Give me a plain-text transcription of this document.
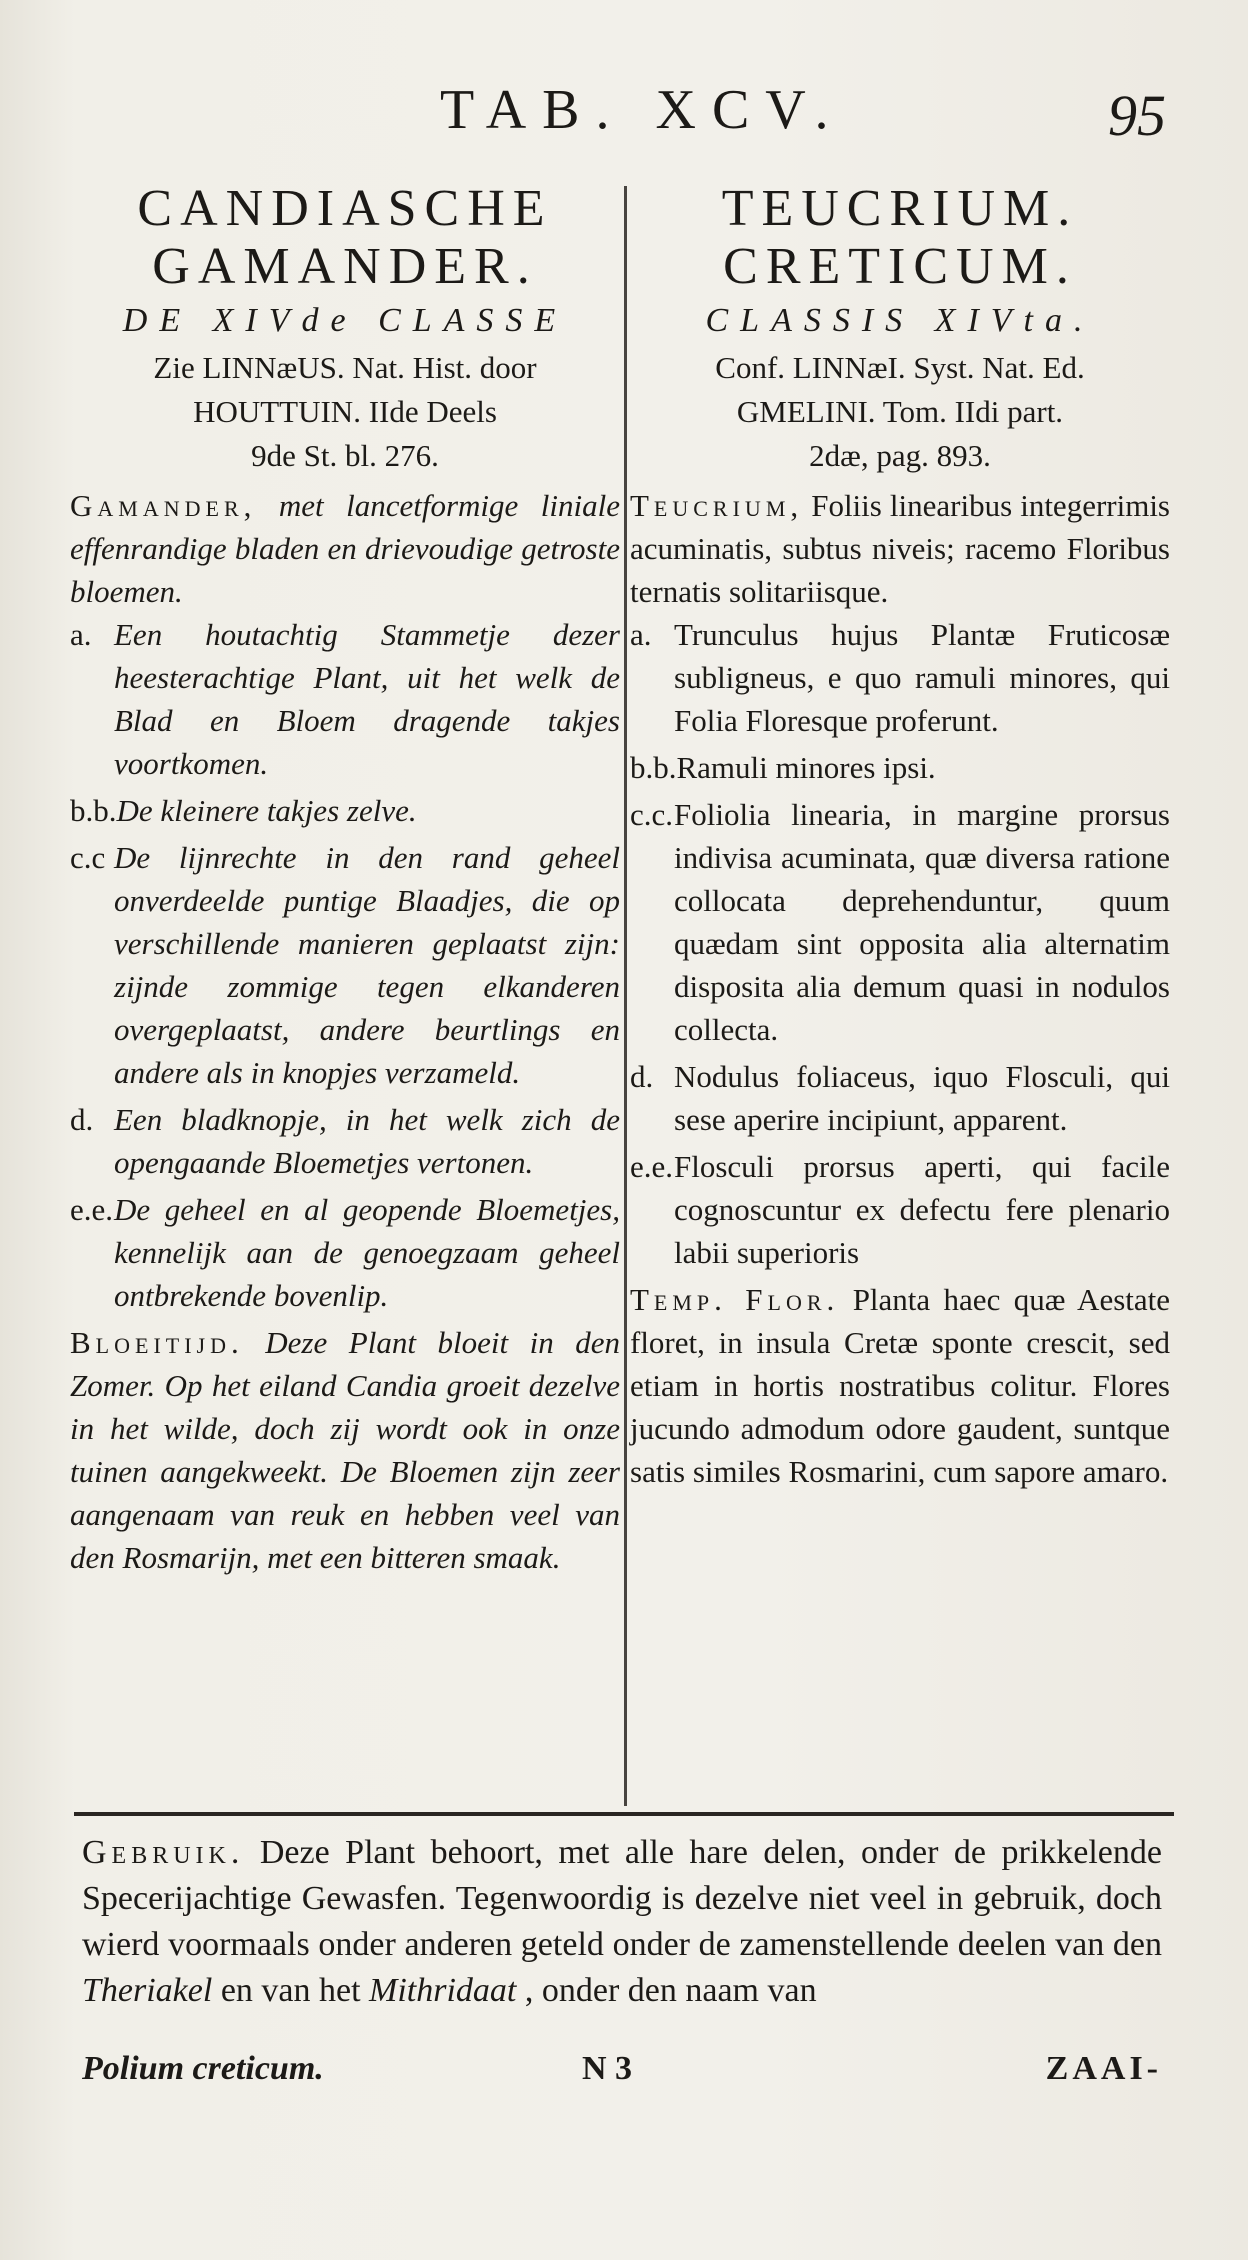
TAB. XCV.	95
CANDIASCHE
GAMANDER.
DE XIVde CLASSE
Zie LINNæUS. Nat. Hist. door
HOUTTUIN. IIde Deels
9de St. bl. 276.
Gamander, met lancetformige liniale effenrandige bladen en drievoudige getroste bloemen.
a. Een houtachtig Stammetje dezer heesterachtige Plant, uit het welk de Blad en Bloem dragende takjes voortkomen.
b.b. De kleinere takjes zelve.
c.c De lijnrechte in den rand geheel onverdeelde puntige Blaadjes, die op verschillende manieren geplaatst zijn: zijnde zommige tegen elkanderen overgeplaatst, andere beurtlings en andere als in knopjes verzameld.
d. Een bladknopje, in het welk zich de opengaande Bloemetjes vertonen.
e.e. De geheel en al geopende Bloemetjes, kennelijk aan de genoegzaam geheel ontbrekende bovenlip.
Bloeitijd. Deze Plant bloeit in den Zomer. Op het eiland Candia groeit dezelve in het wilde, doch zij wordt ook in onze tuinen aangekweekt. De Bloemen zijn zeer aangenaam van reuk en hebben veel van den Rosmarijn, met een bitteren smaak.
TEUCRIUM.
CRETICUM.
CLASSIS XIVta.
Conf. LINNæI. Syst. Nat. Ed.
GMELINI. Tom. IIdi part.
2dæ, pag. 893.
Teucrium, Foliis linearibus integerrimis acuminatis, subtus niveis; racemo Floribus ternatis solitariisque.
a. Trunculus hujus Plantæ Fruticosæ subligneus, e quo ramuli minores, qui Folia Floresque proferunt.
b.b. Ramuli minores ipsi.
c.c. Foliolia linearia, in margine prorsus indivisa acuminata, quæ diversa ratione collocata deprehenduntur, quum quædam sint opposita alia alternatim disposita alia demum quasi in nodulos collecta.
d. Nodulus foliaceus, iquo Flosculi, qui sese aperire incipiunt, apparent.
e.e. Flosculi prorsus aperti, qui facile cognoscuntur ex defectu fere plenario labii superioris
Temp. Flor. Planta haec quæ Aestate floret, in insula Cretæ sponte crescit, sed etiam in hortis nostratibus colitur. Flores jucundo admodum odore gaudent, suntque satis similes Rosmarini, cum sapore amaro.
Gebruik. Deze Plant behoort, met alle hare delen, onder de prikkelende Specerijachtige Gewasfen. Tegenwoordig is dezelve niet veel in gebruik, doch wierd voormaals onder anderen geteld onder de zamenstellende deelen van den Theriakel en van het Mithridaat , onder den naam van
Polium creticum.	N 3	ZAAI-
